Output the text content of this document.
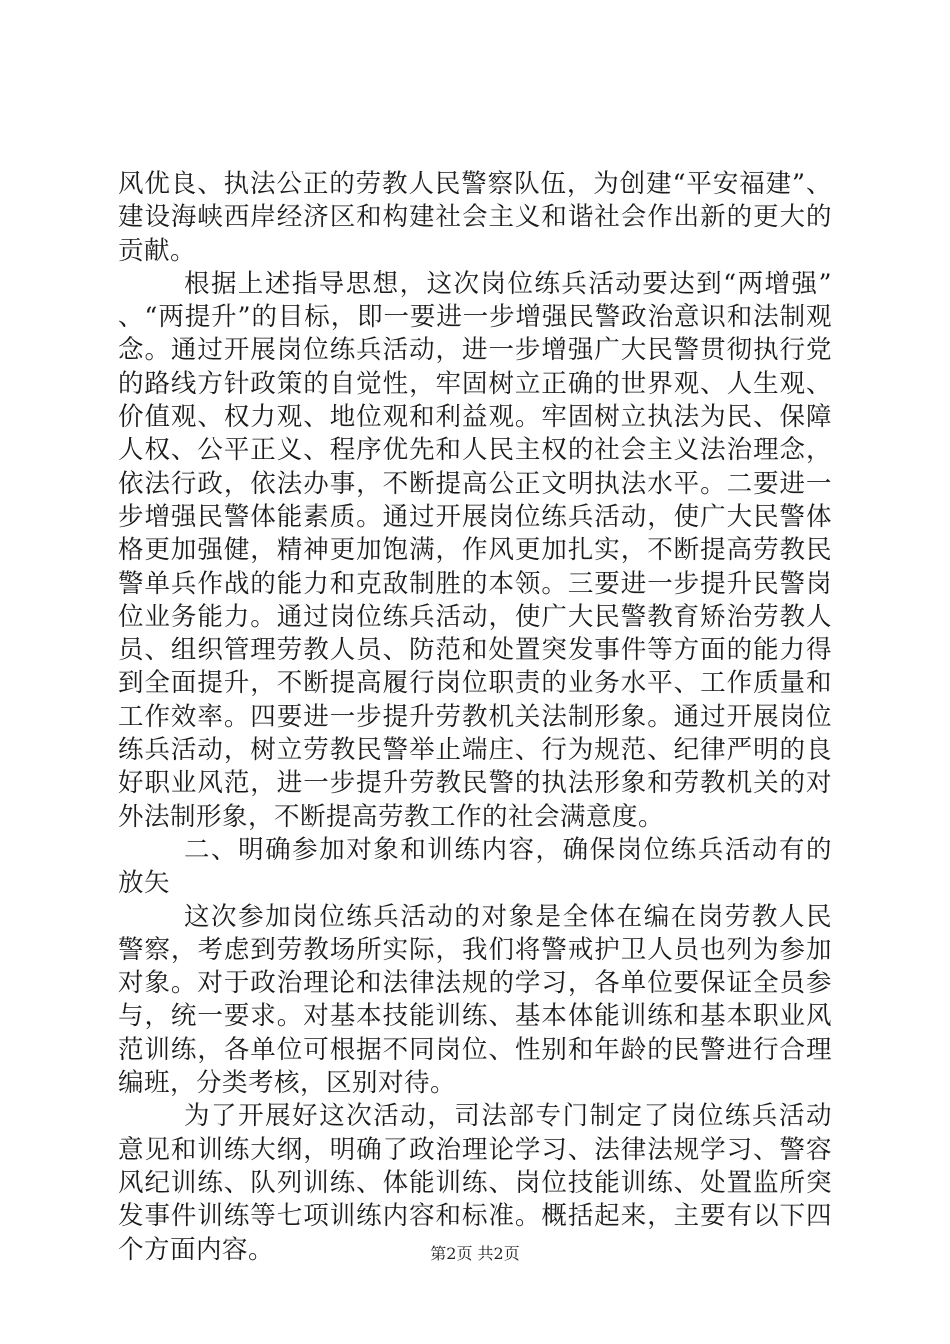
风优良、执法公正的劳教人民警察队伍，为创建“平安福建”、建设海峡西岸经济区和构建社会主义和谐社会作出新的更大的贡献。

根据上述指导思想，这次岗位练兵活动要达到“两增强”、“两提升”的目标，即一要进一步增强民警政治意识和法制观念。通过开展岗位练兵活动，进一步增强广大民警贯彻执行党的路线方针政策的自觉性，牢固树立正确的世界观、人生观、价值观、权力观、地位观和利益观。牢固树立执法为民、保障人权、公平正义、程序优先和人民主权的社会主义法治理念，依法行政，依法办事，不断提高公正文明执法水平。二要进一步增强民警体能素质。通过开展岗位练兵活动，使广大民警体格更加强健，精神更加饱满，作风更加扎实，不断提高劳教民警单兵作战的能力和克敌制胜的本领。三要进一步提升民警岗位业务能力。通过岗位练兵活动，使广大民警教育矫治劳教人员、组织管理劳教人员、防范和处置突发事件等方面的能力得到全面提升，不断提高履行岗位职责的业务水平、工作质量和工作效率。四要进一步提升劳教机关法制形象。通过开展岗位练兵活动，树立劳教民警举止端庄、行为规范、纪律严明的良好职业风范，进一步提升劳教民警的执法形象和劳教机关的对外法制形象，不断提高劳教工作的社会满意度。

二、明确参加对象和训练内容，确保岗位练兵活动有的放矢

这次参加岗位练兵活动的对象是全体在编在岗劳教人民警察，考虑到劳教场所实际，我们将警戒护卫人员也列为参加对象。对于政治理论和法律法规的学习，各单位要保证全员参与，统一要求。对基本技能训练、基本体能训练和基本职业风范训练，各单位可根据不同岗位、性别和年龄的民警进行合理编班，分类考核，区别对待。

为了开展好这次活动，司法部专门制定了岗位练兵活动意见和训练大纲，明确了政治理论学习、法律法规学习、警容风纪训练、队列训练、体能训练、岗位技能训练、处置监所突发事件训练等七项训练内容和标准。概括起来，主要有以下四个方面内容。	第2页 共2页
